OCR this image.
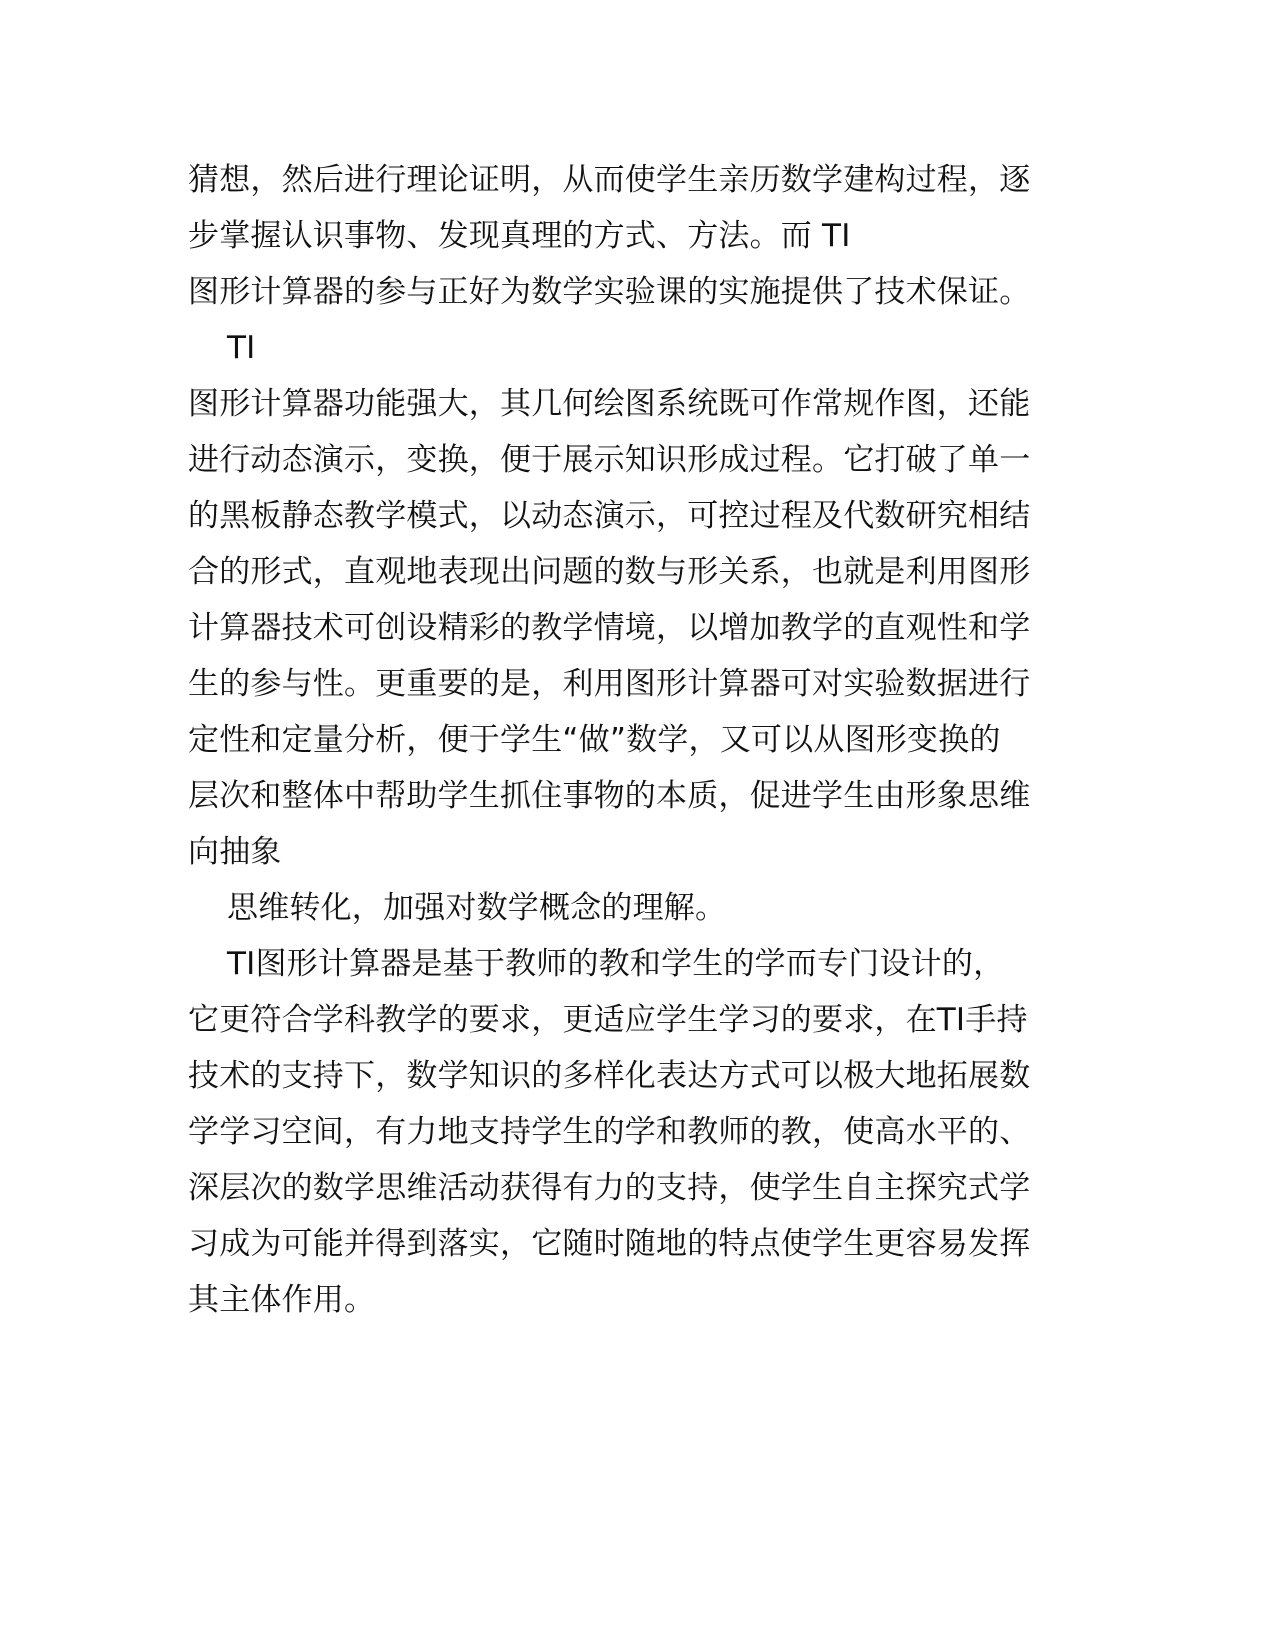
猜想，然后进行理论证明，从而使学生亲历数学建构过程，逐
步掌握认识事物、发现真理的方式、方法。而 TI
图形计算器的参与正好为数学实验课的实施提供了技术保证。
TI
图形计算器功能强大，其几何绘图系统既可作常规作图，还能
进行动态演示，变换，便于展示知识形成过程。它打破了单一
的黑板静态教学模式，以动态演示，可控过程及代数研究相结
合的形式，直观地表现出问题的数与形关系，也就是利用图形
计算器技术可创设精彩的教学情境，以增加教学的直观性和学
生的参与性。更重要的是，利用图形计算器可对实验数据进行
定性和定量分析，便于学生“做”数学，又可以从图形变换的
层次和整体中帮助学生抓住事物的本质，促进学生由形象思维
向抽象
思维转化，加强对数学概念的理解。
TI图形计算器是基于教师的教和学生的学而专门设计的，
它更符合学科教学的要求，更适应学生学习的要求，在TI手持
技术的支持下，数学知识的多样化表达方式可以极大地拓展数
学学习空间，有力地支持学生的学和教师的教，使高水平的、
深层次的数学思维活动获得有力的支持，使学生自主探究式学
习成为可能并得到落实，它随时随地的特点使学生更容易发挥
其主体作用。
